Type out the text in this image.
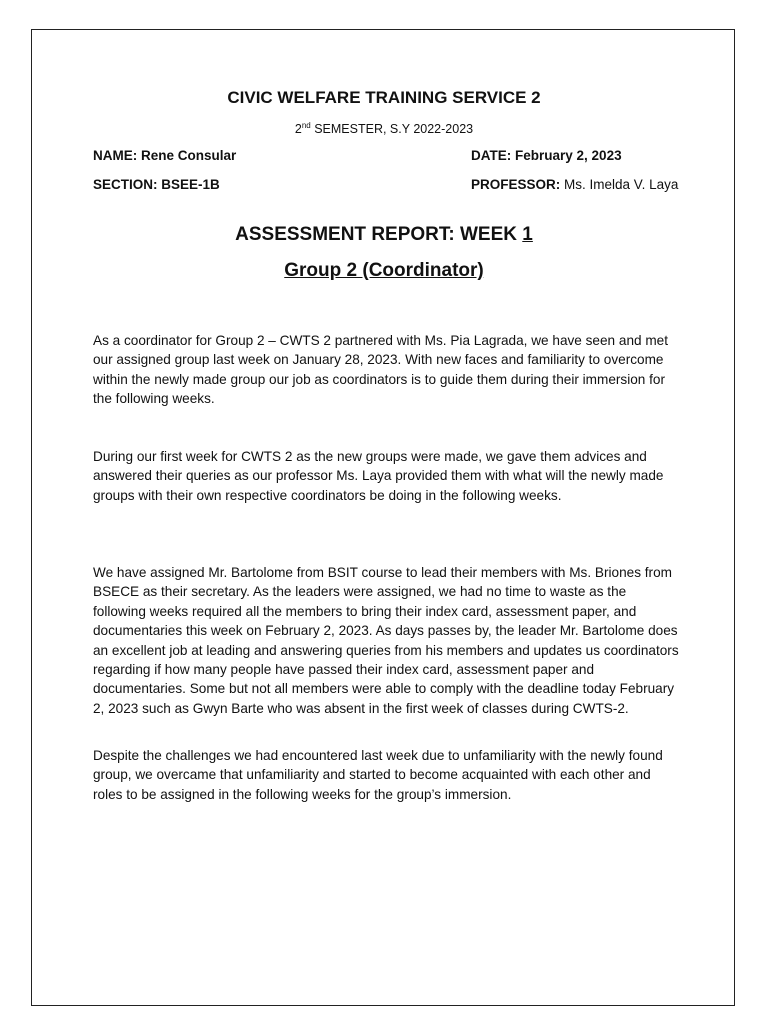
CIVIC WELFARE TRAINING SERVICE 2
2nd SEMESTER, S.Y 2022-2023
NAME: Rene Consular	DATE: February 2, 2023
SECTION: BSEE-1B	PROFESSOR: Ms. Imelda V. Laya
ASSESSMENT REPORT: WEEK 1
Group 2 (Coordinator)

As a coordinator for Group 2 – CWTS 2 partnered with Ms. Pia Lagrada, we have seen and met our assigned group last week on January 28, 2023. With new faces and familiarity to overcome within the newly made group our job as coordinators is to guide them during their immersion for the following weeks.

During our first week for CWTS 2 as the new groups were made, we gave them advices and answered their queries as our professor Ms. Laya provided them with what will the newly made groups with their own respective coordinators be doing in the following weeks.

We have assigned Mr. Bartolome from BSIT course to lead their members with Ms. Briones from BSECE as their secretary. As the leaders were assigned, we had no time to waste as the following weeks required all the members to bring their index card, assessment paper, and documentaries this week on February 2, 2023. As days passes by, the leader Mr. Bartolome does an excellent job at leading and answering queries from his members and updates us coordinators regarding if how many people have passed their index card, assessment paper and documentaries. Some but not all members were able to comply with the deadline today February 2, 2023 such as Gwyn Barte who was absent in the first week of classes during CWTS-2.

Despite the challenges we had encountered last week due to unfamiliarity with the newly found group, we overcame that unfamiliarity and started to become acquainted with each other and roles to be assigned in the following weeks for the group’s immersion.
